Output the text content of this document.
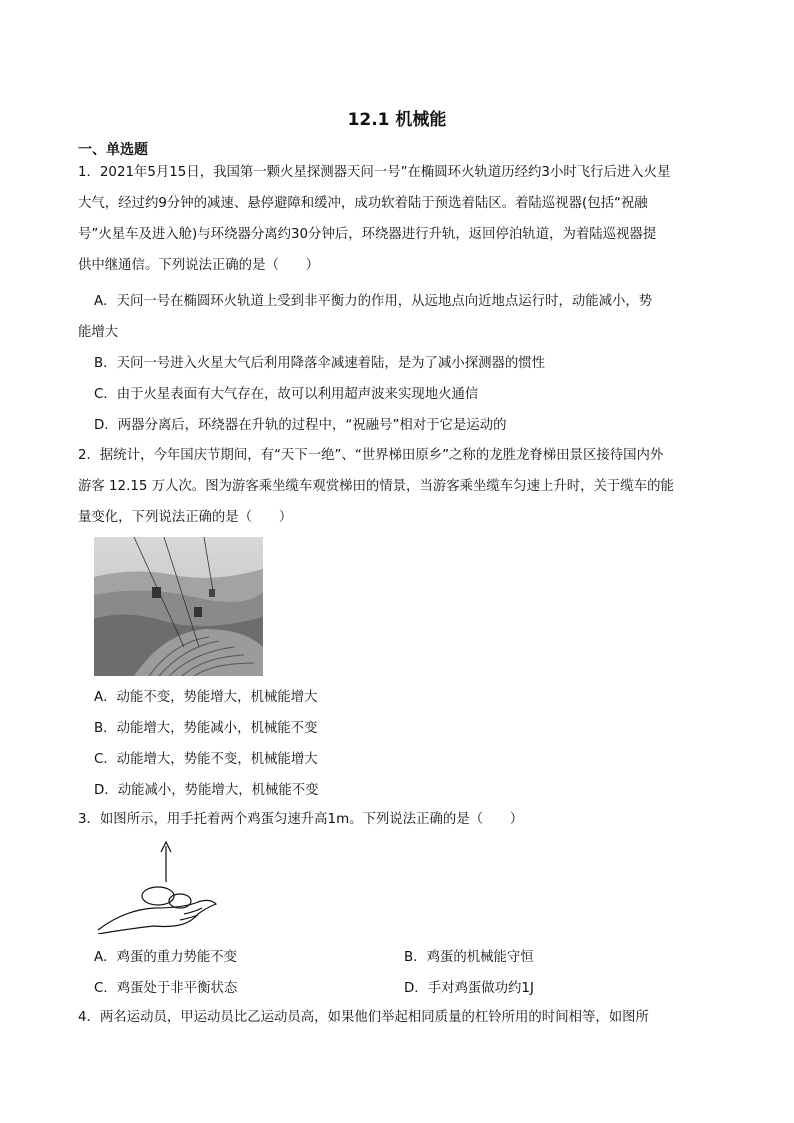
12.1 机械能
一、单选题
1．2021年5月15日，我国第一颗火星探测器天问一号”在椭圆环火轨道历经约3小时飞行后进入火星
大气，经过约9分钟的减速、悬停避障和缓冲，成功软着陆于预选着陆区。着陆巡视器(包括“祝融
号”火星车及进入舱)与环绕器分离约30分钟后，环绕器进行升轨，返回停泊轨道，为着陆巡视器提
供中继通信。下列说法正确的是（　　）
A．天问一号在椭圆环火轨道上受到非平衡力的作用，从远地点向近地点运行时，动能减小，势
能增大
B．天问一号进入火星大气后利用降落伞减速着陆，是为了减小探测器的惯性
C．由于火星表面有大气存在，故可以利用超声波来实现地火通信
D．两器分离后，环绕器在升轨的过程中，“祝融号”相对于它是运动的
2．据统计，今年国庆节期间，有“天下一绝”、“世界梯田原乡”之称的龙胜龙脊梯田景区接待国内外
游客 12.15 万人次。图为游客乘坐缆车观赏梯田的情景，当游客乘坐缆车匀速上升时，关于缆车的能
量变化，下列说法正确的是（　　）
A．动能不变，势能增大，机械能增大
B．动能增大，势能减小，机械能不变
C．动能增大，势能不变，机械能增大
D．动能减小，势能增大，机械能不变
3．如图所示，用手托着两个鸡蛋匀速升高1m。下列说法正确的是（　　）
A．鸡蛋的重力势能不变	B．鸡蛋的机械能守恒
C．鸡蛋处于非平衡状态	D．手对鸡蛋做功约1J
4．两名运动员，甲运动员比乙运动员高，如果他们举起相同质量的杠铃所用的时间相等，如图所
